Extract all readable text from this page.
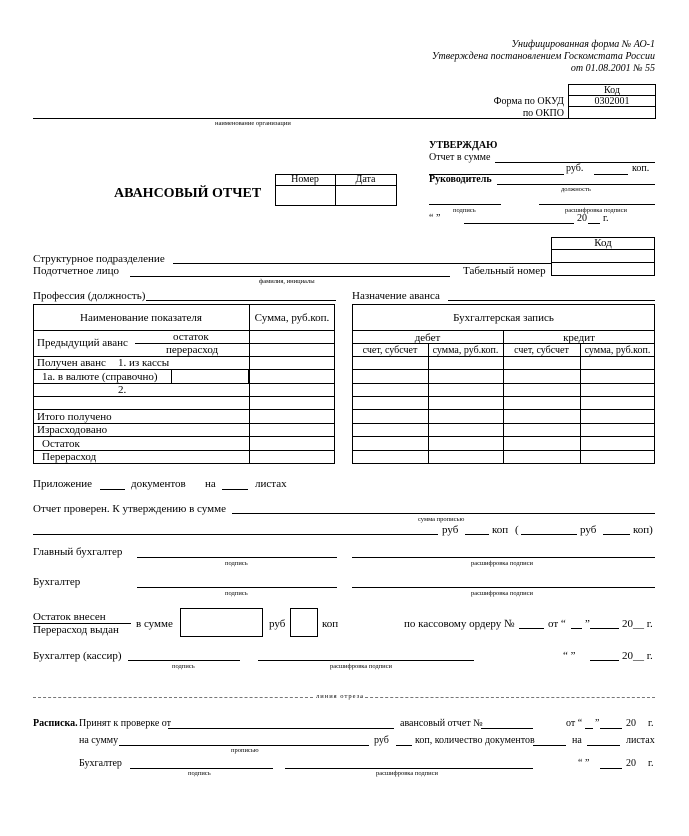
Унифицированная форма № АО-1
Утверждена постановлением Госкомстата России
от 01.08.2001 № 55
Код
Форма по ОКУД	0302001
по ОКПО
наименование организации
УТВЕРЖДАЮ
Отчет в сумме
руб.	коп.
Руководитель
должность
подпись	расшифровка подписи
“ ”	20 г.
АВАНСОВЫЙ ОТЧЕТ
Номер	Дата
Код
Структурное подразделение
Подотчетное лицо
фамилия, инициалы
Табельный номер
Профессия (должность)	Назначение аванса
Наименование показателя	Сумма, руб.коп.
Предыдущий аванс	остаток
перерасход
Получен аванс 1. из кассы
1а. в валюте (справочно)
2.
Итого получено
Израсходовано
Остаток
Перерасход
Бухгалтерская запись
дебет	кредит
счет, субсчет	сумма, руб.коп.	счет, субсчет	сумма, руб.коп.
Приложение	документов на	листах
Отчет проверен. К утверждению в сумме
сумма прописью
руб	коп (	руб	коп)
Главный бухгалтер
подпись	расшифровка подписи
Бухгалтер
подпись	расшифровка подписи
Остаток внесен
Перерасход выдан в сумме	руб	коп	по кассовому ордеру №	от “ ”	20__ г.
Бухгалтер (кассир)
подпись	расшифровка подписи
“ ”	20__ г.
линия отреза
Расписка. Принят к проверке от	авансовый отчет №	от “ ”	20 г.
на сумму
прописью
руб	коп, количество документов	на	листах
Бухгалтер
подпись	расшифровка подписи
“ ”	20 г.
